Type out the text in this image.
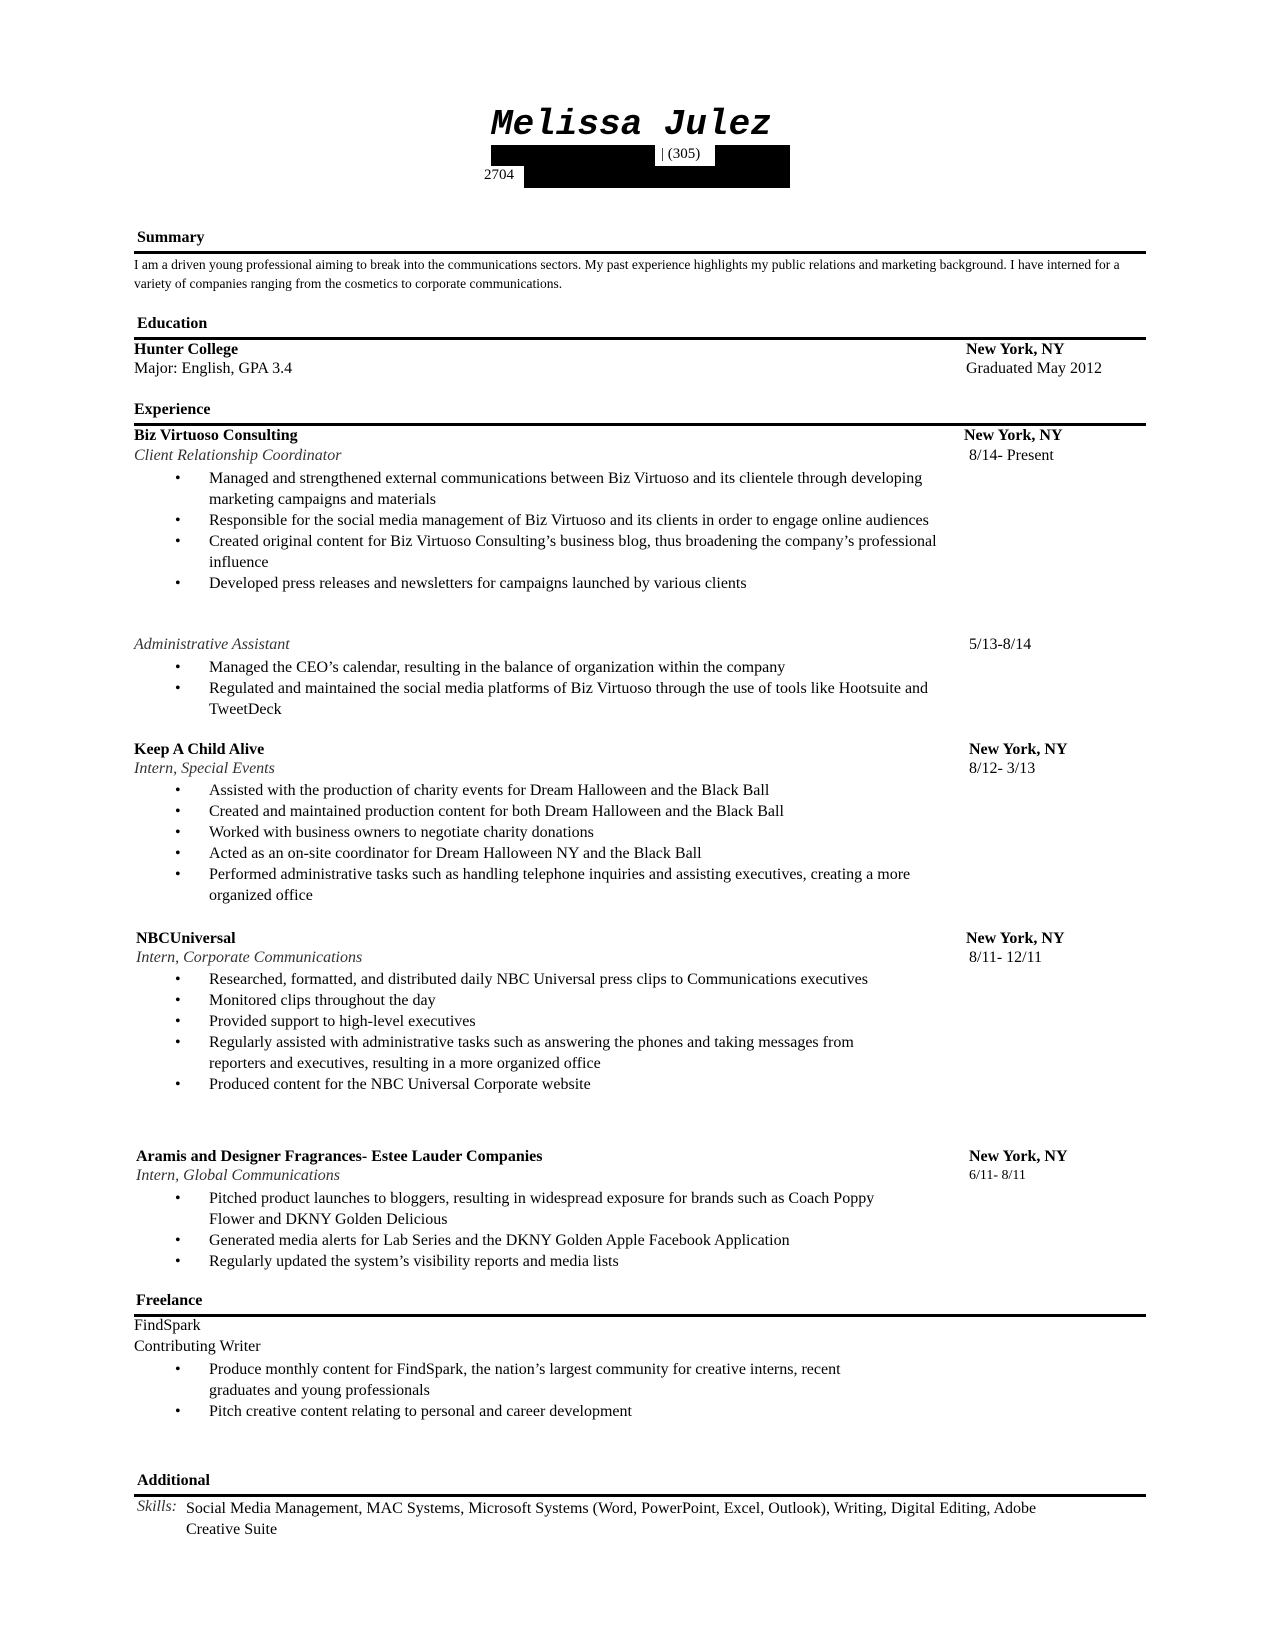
Melissa Julez
| (305)
2704
Summary
I am a driven young professional aiming to break into the communications sectors. My past experience highlights my public relations and marketing background. I have interned for a variety of companies ranging from the cosmetics to corporate communications.
Education
Hunter College	New York, NY
Major: English, GPA 3.4	Graduated May 2012
Experience
Biz Virtuoso Consulting	New York, NY
Client Relationship Coordinator	8/14- Present
• Managed and strengthened external communications between Biz Virtuoso and its clientele through developing marketing campaigns and materials
• Responsible for the social media management of Biz Virtuoso and its clients in order to engage online audiences
• Created original content for Biz Virtuoso Consulting’s business blog, thus broadening the company’s professional influence
• Developed press releases and newsletters for campaigns launched by various clients
Administrative Assistant	5/13-8/14
• Managed the CEO’s calendar, resulting in the balance of organization within the company
• Regulated and maintained the social media platforms of Biz Virtuoso through the use of tools like Hootsuite and TweetDeck
Keep A Child Alive	New York, NY
Intern, Special Events	8/12- 3/13
• Assisted with the production of charity events for Dream Halloween and the Black Ball
• Created and maintained production content for both Dream Halloween and the Black Ball
• Worked with business owners to negotiate charity donations
• Acted as an on-site coordinator for Dream Halloween NY and the Black Ball
• Performed administrative tasks such as handling telephone inquiries and assisting executives, creating a more organized office
NBCUniversal	New York, NY
Intern, Corporate Communications	8/11- 12/11
• Researched, formatted, and distributed daily NBC Universal press clips to Communications executives
• Monitored clips throughout the day
• Provided support to high-level executives
• Regularly assisted with administrative tasks such as answering the phones and taking messages from reporters and executives, resulting in a more organized office
• Produced content for the NBC Universal Corporate website
Aramis and Designer Fragrances- Estee Lauder Companies	New York, NY
Intern, Global Communications	6/11- 8/11
• Pitched product launches to bloggers, resulting in widespread exposure for brands such as Coach Poppy Flower and DKNY Golden Delicious
• Generated media alerts for Lab Series and the DKNY Golden Apple Facebook Application
• Regularly updated the system’s visibility reports and media lists
Freelance
FindSpark
Contributing Writer
• Produce monthly content for FindSpark, the nation’s largest community for creative interns, recent graduates and young professionals
• Pitch creative content relating to personal and career development
Additional
Skills: Social Media Management, MAC Systems, Microsoft Systems (Word, PowerPoint, Excel, Outlook), Writing, Digital Editing, Adobe Creative Suite
